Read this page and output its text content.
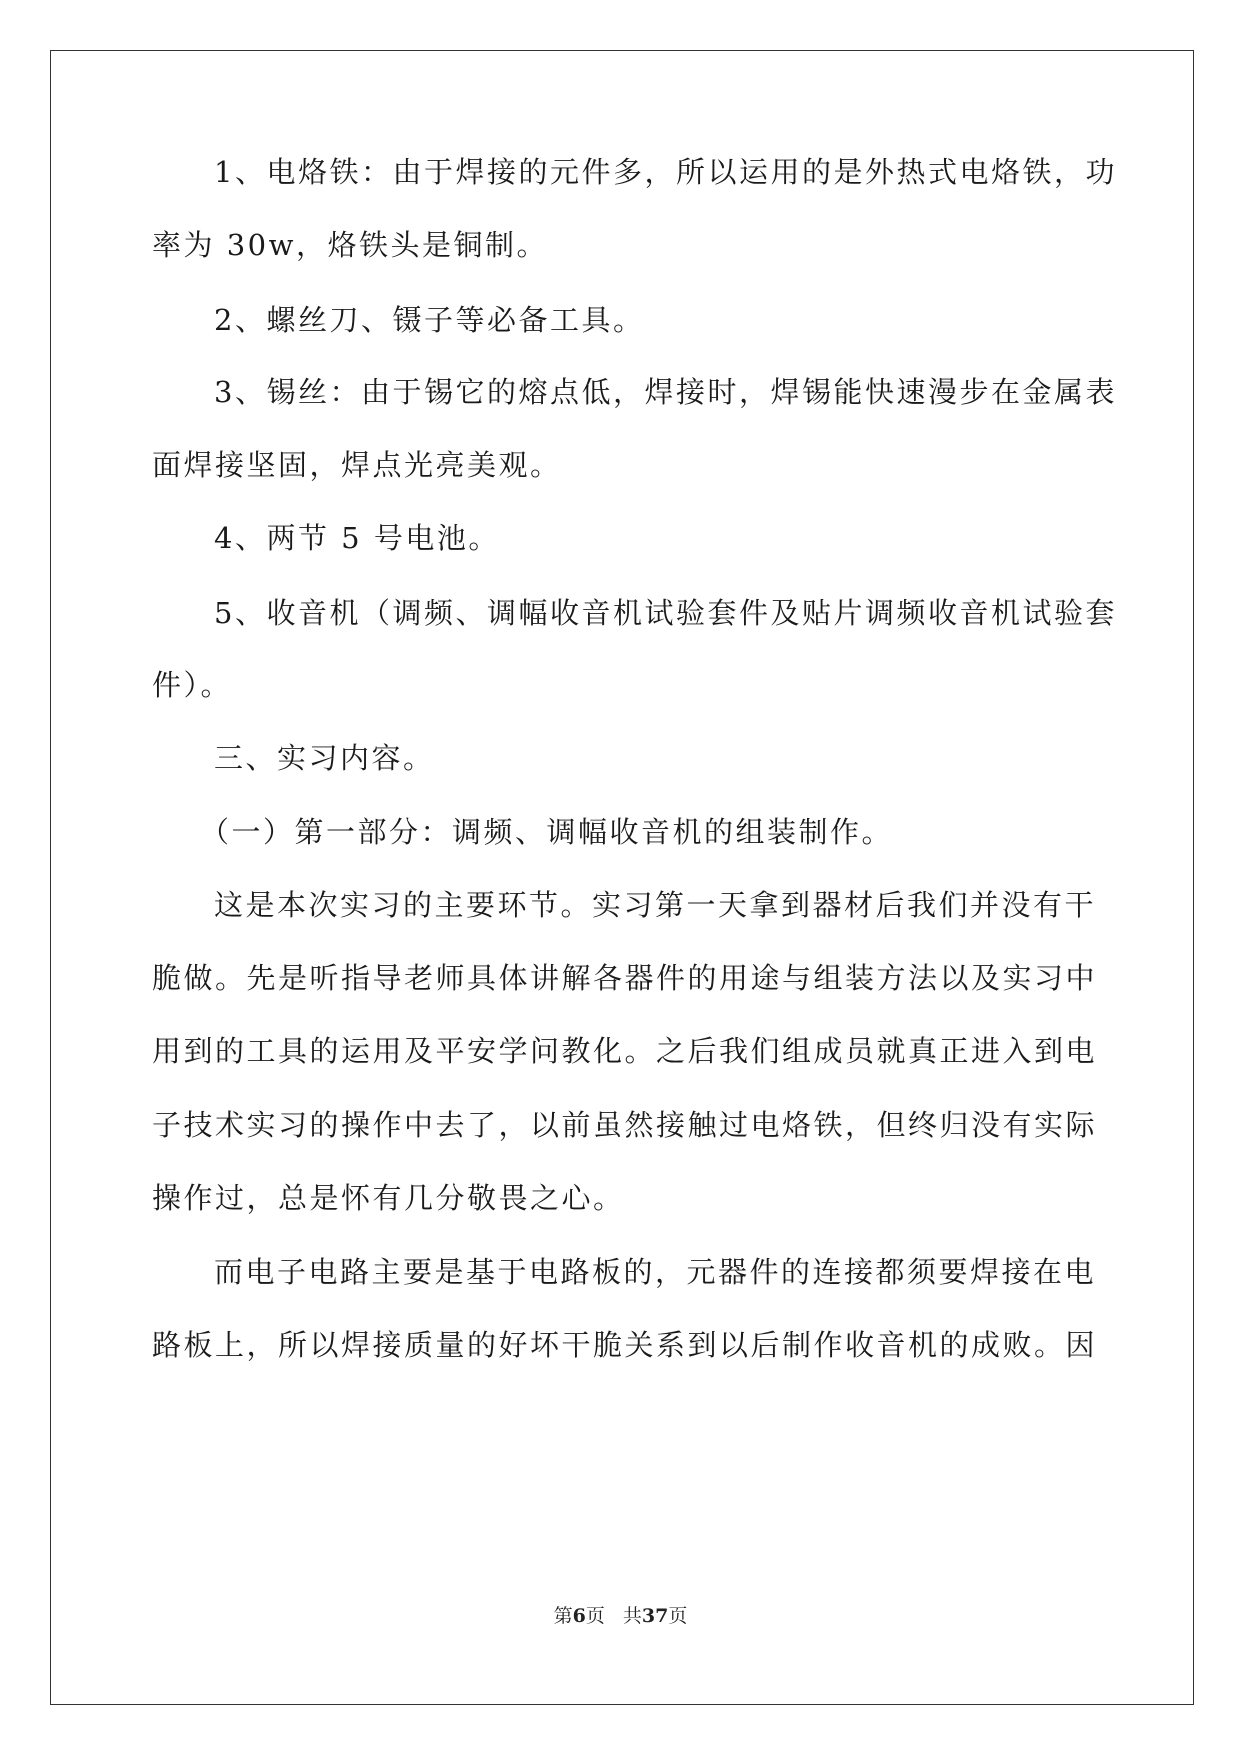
1、电烙铁：由于焊接的元件多，所以运用的是外热式电烙铁，功
率为 30w，烙铁头是铜制。
2、螺丝刀、镊子等必备工具。
3、锡丝：由于锡它的熔点低，焊接时，焊锡能快速漫步在金属表
面焊接坚固，焊点光亮美观。
4、两节 5 号电池。
5、收音机（调频、调幅收音机试验套件及贴片调频收音机试验套
件）。
三、实习内容。
（一）第一部分：调频、调幅收音机的组装制作。
这是本次实习的主要环节。实习第一天拿到器材后我们并没有干
脆做。先是听指导老师具体讲解各器件的用途与组装方法以及实习中
用到的工具的运用及平安学问教化。之后我们组成员就真正进入到电
子技术实习的操作中去了，以前虽然接触过电烙铁，但终归没有实际
操作过，总是怀有几分敬畏之心。
而电子电路主要是基于电路板的，元器件的连接都须要焊接在电
路板上，所以焊接质量的好坏干脆关系到以后制作收音机的成败。因
第6页 共37页
